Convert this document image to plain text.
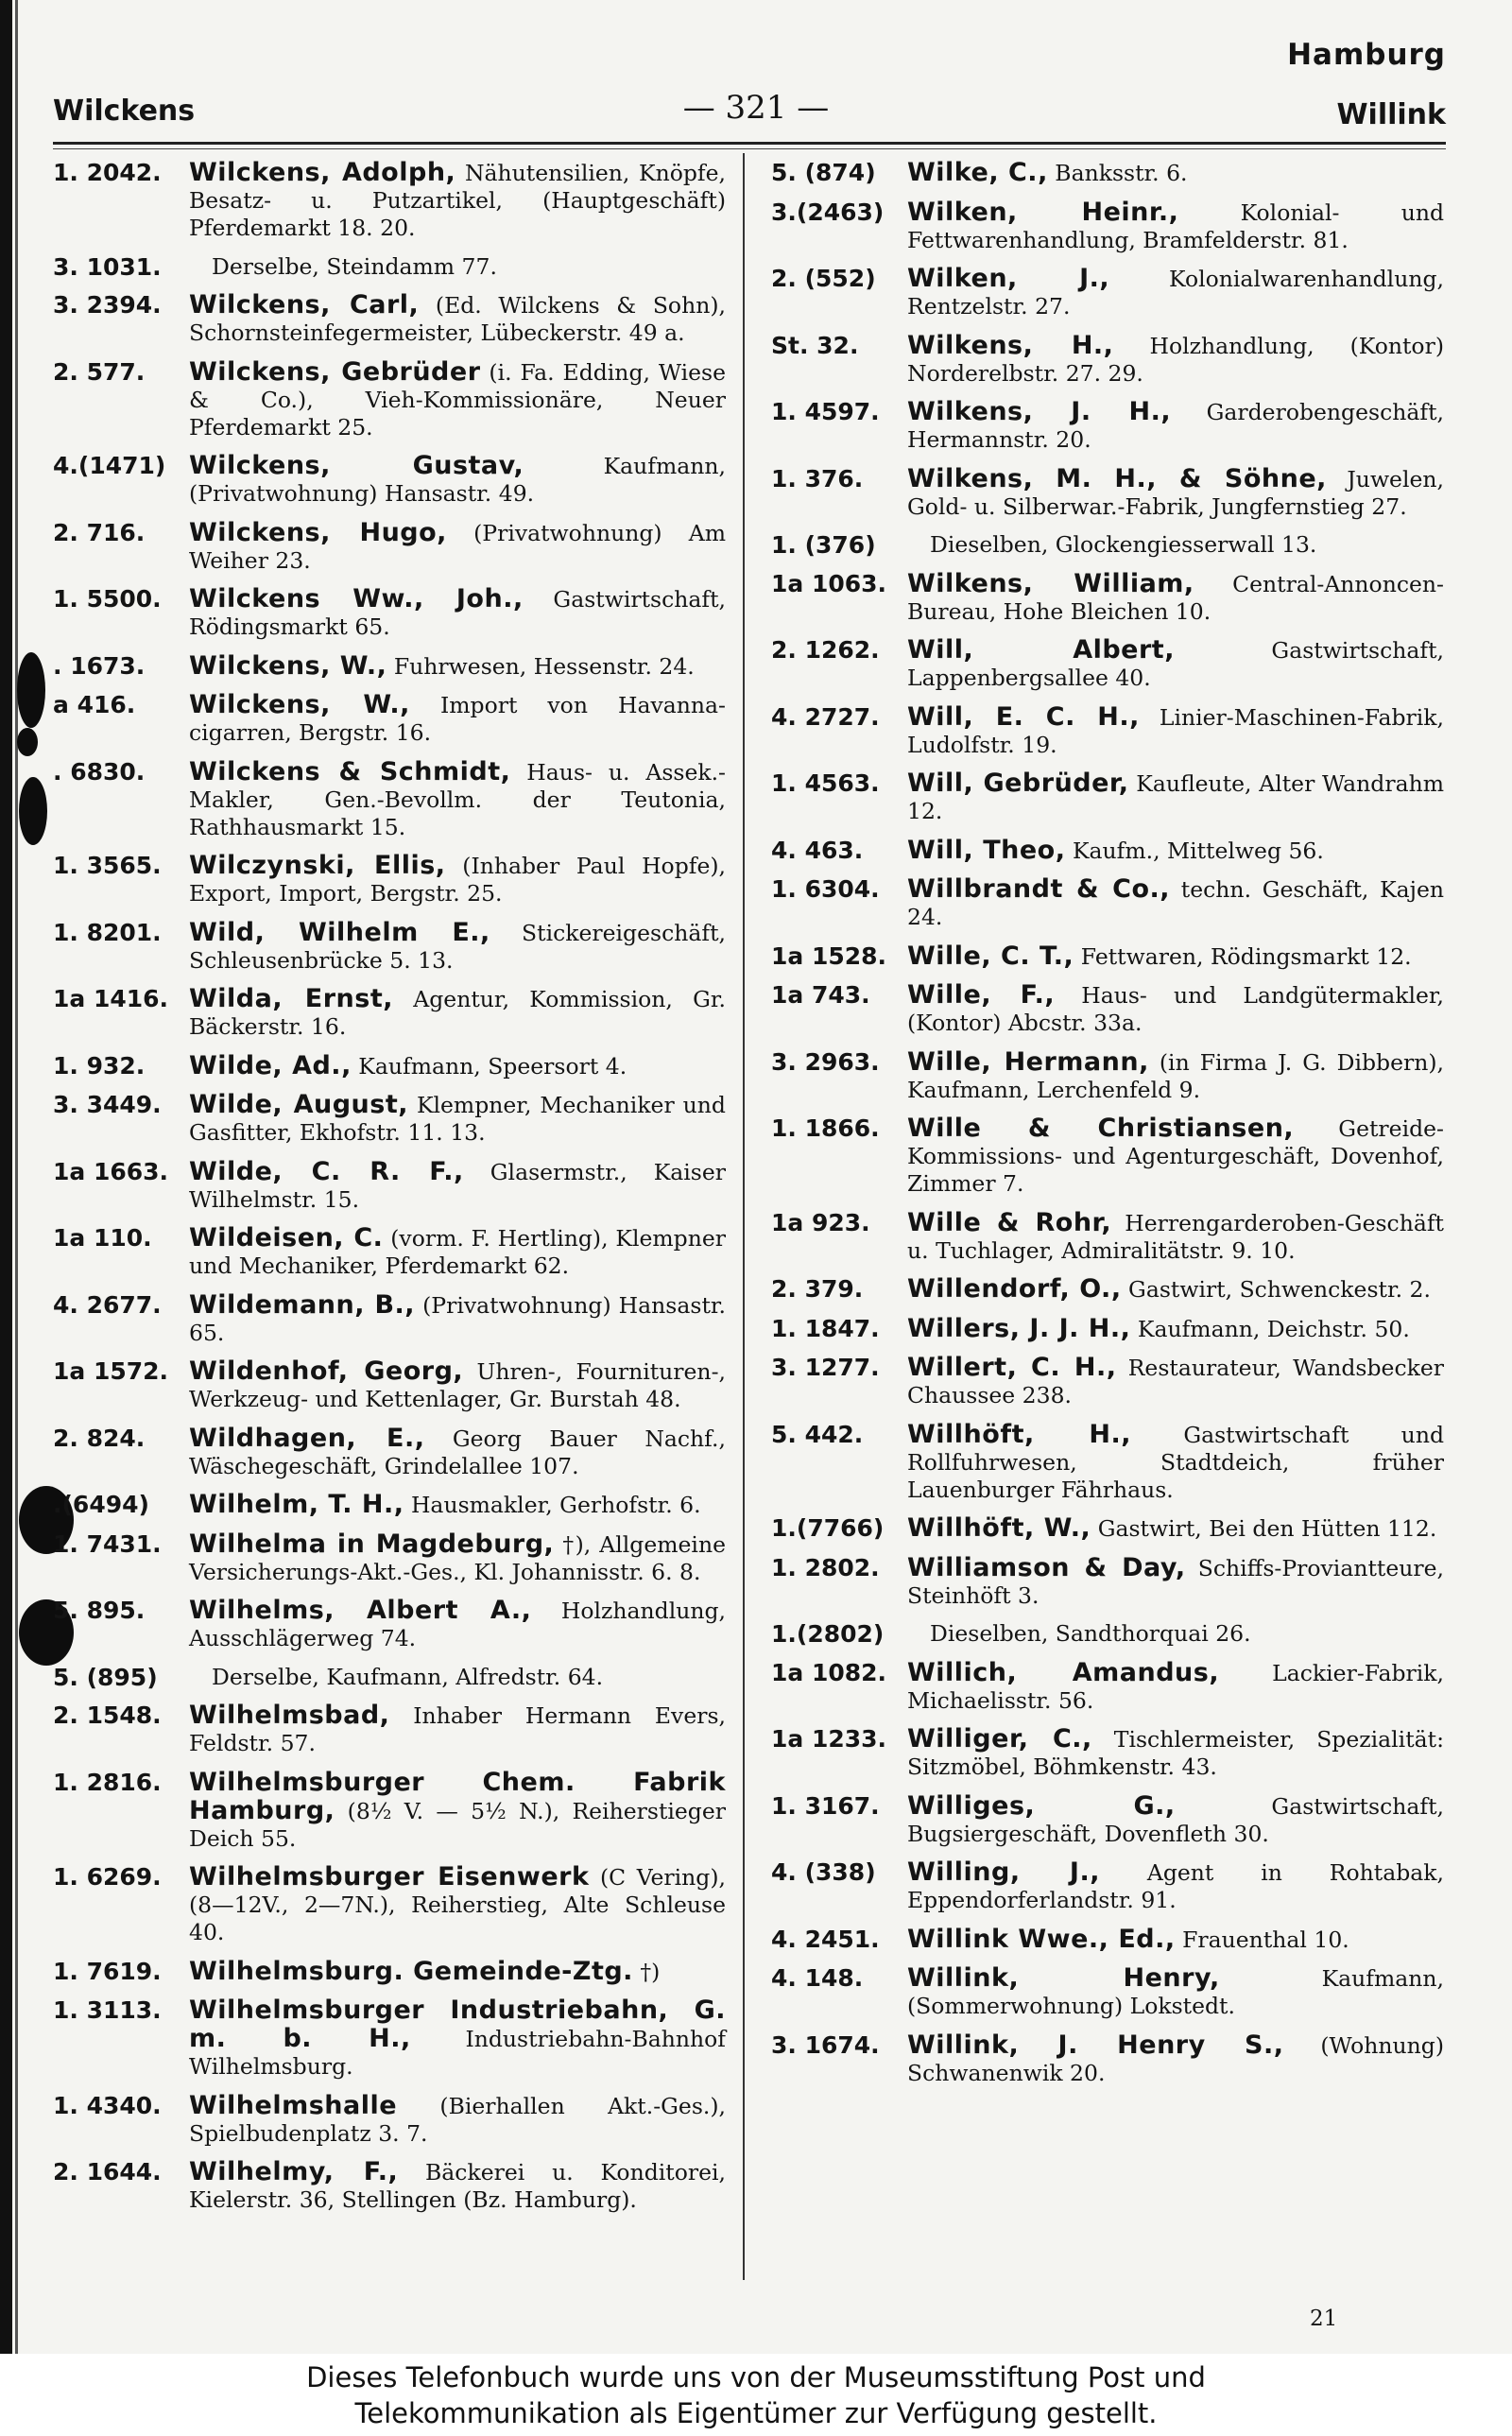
Hamburg
Wilckens	— 321 —	Willink
1. 2042.	Wilckens, Adolph, Nähutensilien, Knöpfe, Besatz- u. Putzartikel, (Hauptgeschäft) Pferdemarkt 18. 20.
3. 1031.	Derselbe, Steindamm 77.
3. 2394.	Wilckens, Carl, (Ed. Wilckens & Sohn), Schornsteinfegermeister, Lübeckerstr. 49 a.
2. 577.	Wilckens, Gebrüder (i. Fa. Edding, Wiese & Co.), Vieh-Kommissionäre, Neuer Pferdemarkt 25.
4.(1471) Wilckens, Gustav, Kaufmann, (Privatwohnung) Hansastr. 49.
2. 716.	Wilckens, Hugo, (Privatwohnung) Am Weiher 23.
1. 5500.	Wilckens Ww., Joh., Gastwirtschaft, Rödingsmarkt 65.
. 1673.	Wilckens, W., Fuhrwesen, Hessenstr. 24.
a 416.	Wilckens, W., Import von Havanna-cigarren, Bergstr. 16.
. 6830.	Wilckens & Schmidt, Haus- u. Assek.-Makler, Gen.-Bevollm. der Teutonia, Rathhausmarkt 15.
1. 3565.	Wilczynski, Ellis, (Inhaber Paul Hopfe), Export, Import, Bergstr. 25.
1. 8201.	Wild, Wilhelm E., Stickereigeschäft, Schleusenbrücke 5. 13.
1a 1416. Wilda, Ernst, Agentur, Kommission, Gr. Bäckerstr. 16.
1. 932.	Wilde, Ad., Kaufmann, Speersort 4.
3. 3449.	Wilde, August, Klempner, Mechaniker und Gasfitter, Ekhofstr. 11. 13.
1a 1663. Wilde, C. R. F., Glasermstr., Kaiser Wilhelmstr. 15.
1a 110.	Wildeisen, C. (vorm. F. Hertling), Klempner und Mechaniker, Pferdemarkt 62.
4. 2677.	Wildemann, B., (Privatwohnung) Hansastr. 65.
1a 1572. Wildenhof, Georg, Uhren-, Fournituren-, Werkzeug- und Kettenlager, Gr. Burstah 48.
2. 824.	Wildhagen, E., Georg Bauer Nachf., Wäschegeschäft, Grindelallee 107.
.(6494)	Wilhelm, T. H., Hausmakler, Gerhofstr. 6.
1. 7431.	Wilhelma in Magdeburg, †), Allgemeine Versicherungs-Akt.-Ges., Kl. Johannisstr. 6. 8.
5. 895.	Wilhelms, Albert A., Holzhandlung, Ausschlägerweg 74.
5. (895)	Derselbe, Kaufmann, Alfredstr. 64.
2. 1548.	Wilhelmsbad, Inhaber Hermann Evers, Feldstr. 57.
1. 2816.	Wilhelmsburger Chem. Fabrik Hamburg, (8½ V. — 5½ N.), Reiherstieger Deich 55.
1. 6269.	Wilhelmsburger Eisenwerk (C Vering), (8—12V., 2—7N.), Reiherstieg, Alte Schleuse 40.
1. 7619.	Wilhelmsburg. Gemeinde-Ztg. †)
1. 3113.	Wilhelmsburger Industriebahn, G. m. b. H., Industriebahn-Bahnhof Wilhelmsburg.
1. 4340.	Wilhelmshalle (Bierhallen Akt.-Ges.), Spielbudenplatz 3. 7.
2. 1644.	Wilhelmy, F., Bäckerei u. Konditorei, Kielerstr. 36, Stellingen (Bz. Hamburg).
5. (874)	Wilke, C., Banksstr. 6.
3.(2463) Wilken, Heinr., Kolonial- und Fettwarenhandlung, Bramfelderstr. 81.
2. (552)	Wilken, J., Kolonialwarenhandlung, Rentzelstr. 27.
St. 32.	Wilkens, H., Holzhandlung, (Kontor) Norderelbstr. 27. 29.
1. 4597.	Wilkens, J. H., Garderobengeschäft, Hermannstr. 20.
1. 376.	Wilkens, M. H., & Söhne, Juwelen, Gold- u. Silberwar.-Fabrik, Jungfernstieg 27.
1. (376)	Dieselben, Glockengiesserwall 13.
1a 1063. Wilkens, William, Central-Annoncen-Bureau, Hohe Bleichen 10.
2. 1262.	Will, Albert, Gastwirtschaft, Lappenbergsallee 40.
4. 2727.	Will, E. C. H., Linier-Maschinen-Fabrik, Ludolfstr. 19.
1. 4563.	Will, Gebrüder, Kaufleute, Alter Wandrahm 12.
4. 463.	Will, Theo, Kaufm., Mittelweg 56.
1. 6304.	Willbrandt & Co., techn. Geschäft, Kajen 24.
1a 1528. Wille, C. T., Fettwaren, Rödingsmarkt 12.
1a 743.	Wille, F., Haus- und Landgütermakler, (Kontor) Abcstr. 33a.
3. 2963.	Wille, Hermann, (in Firma J. G. Dibbern), Kaufmann, Lerchenfeld 9.
1. 1866.	Wille & Christiansen, Getreide-Kommissions- und Agenturgeschäft, Dovenhof, Zimmer 7.
1a 923.	Wille & Rohr, Herrengarderoben-Geschäft u. Tuchlager, Admiralitätstr. 9. 10.
2. 379.	Willendorf, O., Gastwirt, Schwenckestr. 2.
1. 1847.	Willers, J. J. H., Kaufmann, Deichstr. 50.
3. 1277.	Willert, C. H., Restaurateur, Wandsbecker Chaussee 238.
5. 442.	Willhöft, H., Gastwirtschaft und Rollfuhrwesen, Stadtdeich, früher Lauenburger Fährhaus.
1.(7766) Willhöft, W., Gastwirt, Bei den Hütten 112.
1. 2802.	Williamson & Day, Schiffs-Proviantteure, Steinhöft 3.
1.(2802)	Dieselben, Sandthorquai 26.
1a 1082. Willich, Amandus, Lackier-Fabrik, Michaelisstr. 56.
1a 1233. Williger, C., Tischlermeister, Spezialität: Sitzmöbel, Böhmkenstr. 43.
1. 3167.	Williges, G., Gastwirtschaft, Bugsiergeschäft, Dovenfleth 30.
4. (338)	Willing, J., Agent in Rohtabak, Eppendorferlandstr. 91.
4. 2451.	Willink Wwe., Ed., Frauenthal 10.
4. 148.	Willink, Henry, Kaufmann, (Sommerwohnung) Lokstedt.
3. 1674.	Willink, J. Henry S., (Wohnung) Schwanenwik 20.
21
Dieses Telefonbuch wurde uns von der Museumsstiftung Post und
Telekommunikation als Eigentümer zur Verfügung gestellt.
